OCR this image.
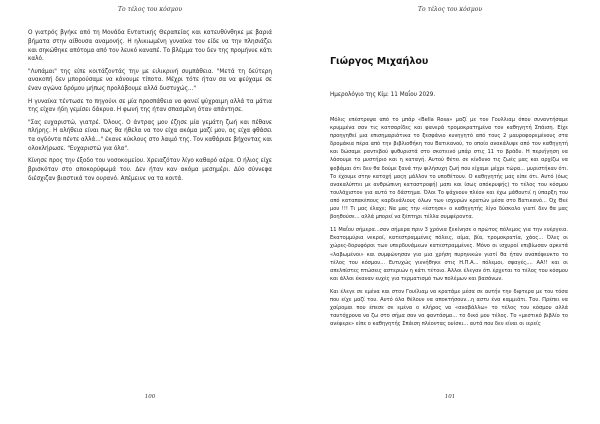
Το τέλος του κόσμου

Ο γιατρός βγήκε από τη Μονάδα Εντατικής Θεραπείας και κατευθύνθηκε με βαριά βήματα στην αίθουσα αναμονής. Η ηλικιωμένη γυναίκα τον είδε να την πλησιάζει και σηκώθηκε απότομα από τον λευκό καναπέ. Το βλέμμα του δεν της προμήνυε κάτι καλό.

"Λυπάμαι" της είπε κοιτάζοντάς την με ειλικρινή συμπάθεια. "Μετά τη δεύτερη ανακοπή δεν μπορούσαμε να κάνουμε τίποτα. Μέχρι τότε ήταν σα να ψεύχαμε σε έναν αγώνα δρόμου μήπως προλάβουμε αλλά δυστυχώς..."

Η γυναίκα τέντωσε το πηγούνι σε μία προσπάθεια να φανεί ψύχραιμη αλλά τα μάτια της είχαν ήδη γεμίσει δάκρυα. Η φωνή της ήταν σπασμένη όταν απάντησε.

"Σας ευχαριστώ, γιατρέ. Όλους. Ο άντρας μου έζησε μία γεμάτη ζωή και πέθανε πλήρης. Η αλήθεια είναι πως θα ήθελα να τον είχα ακόμα μαζί μου, ας είχα φθάσει τα ογδόντα πέντε αλλά..." έκανε κύκλους στο λαιμό της. Τον καθάρισε βήχοντας και ολοκλήρωσε. "Ευχαριστώ για όλα".

Κίνησε προς την έξοδο του νοσοκομείου. Χρειαζόταν λίγο καθαρό αέρα. Ο ήλιος είχε βρισκόταν στο αποκορύφωμά του. Δεν ήταν καν ακόμα μεσημέρι. Δύο σύννεφα διέσχιζαν βιαστικά τον ουρανό. Απέμεινε να τα κοιτά.

100
Το τέλος του κόσμου
Γιώργος Μιχαήλου
Ημερολόγιο της Κίμ: 11 Μαΐου 2029.

Μόλις επέστρεψα από το μπάρ «Bella Rosa» μαζί με τον Γουλλιαμ όπου συναντήσαμε κρυμμένα σαν τις κατσαρίδες και φανερά τρομοκρατημένα τον καθηγητή Σπάιση. Είχε προηγηθεί μια επισημαριάτικα το ξεσφάνιο κυνηγητό από τους 2 μαυροφορεμένους στα δρομάκια πέρα από την βιβλιοθήκη του Βατικανού, το οποίο ανακάλυψε από τον καθηγητή και δώσαμε ραντεβού ψυθυριστά στο σκοτεινό μπάρ στις 11 το βράδυ. Η περιήγηση να λάσουμε το μυστήριο και η καταγή. Αυτού θέτει σε κίνδυνο τις ζωές μας και αρχίζω να φοβάμαι ότι δεν θα δούμε ξανά την φιλήσυχη ζωή που είχαμε μέχρι τώρα... μυριστήκαν ότι. Το έχουμε στην κατοχή μαςη μάλλον το υποθέτουν. Ο καθηγητής μας είπε ότι. Αυτό (όως ανακαλύπτει με ανθρώπινη καταστροφή) μαπι και ίσως απόκρυφής) το τέλος του κόσμου τουλάχιστον για αυτό το δάστημα. Όλοι Το ψάχνουν πλέον και έχω μάθουτιί η ύπαρξη του από καταπακέπους καρδινάλιους όλων των ισχυρών κρατών μέσα στο Βατικανό... Όχ Θεέ μου !!! Τι μας έλαχε; Να μας την «έστησε» ο καθηγητής λίγο δύσκολο γιατί δεν θα μας βοηθούσε... αλλά μπορεί να ξέπτηρι τέλλα συμφέροντα.

11 Μαΐου σήμερα...σαν σήμερα πριν 3 χρόνια ξεκίνησε ο πρώτος πόλεμος για την ενέργεια. Εκατομμύρια νεκροί, κατεστραμμένες πόλεις, αίμα, βία, τρομοκρατία, χάος... Όλες οι χώρες-δορυφόροι των υπερδυνάμεων κατεστραμμένες. Μόνο οι ισχυροί επιβίωσαν αρκετά «λαβωμένοι» και συμφώνησαν για μια χρήση πυρηνικών γιατί θα ήταν αναπόφευκτο το τέλος του κόσμου... Ευτυχώς γιννήθηκε στις Η.Π.Α... πόλεμοι, σφαγές,... ΑΑ!! και οι απελπίστες πτώσεις αστεριών η κάτι τέτοιο. Άλλοι έλεγαν ότι έρχεται το τέλος του κόσμου και άλλοι έκαναν ευχές για τερματισμό των πολέμων και βασάνων.

Και έλεγε σε εμένα και στον Γουίλιαμ να κρατάμε μέσα σε αυτήν την διφτερα με του τόσα που είχε μαζί του. Αυτό όλα θέλουν να αποκτήσουν...η αστυ ένα καμμιάτι. Του. Πρέπει να χαίρομαι που έπεσε σε εμένα ο κλήρος να «αναβάλλω» το τέλος του κόσμου αλλά ταυτόχρονα να ζω στο σήμα σαν να φαντάσμα... το δικό μου τέλος. Το «μεστικό βιβλίο το ανέφερε» είπε ο καθηγητής Σπάιση πλέοντας ουίσκι... αυτά που δεν είναι οι ιερείς

101
